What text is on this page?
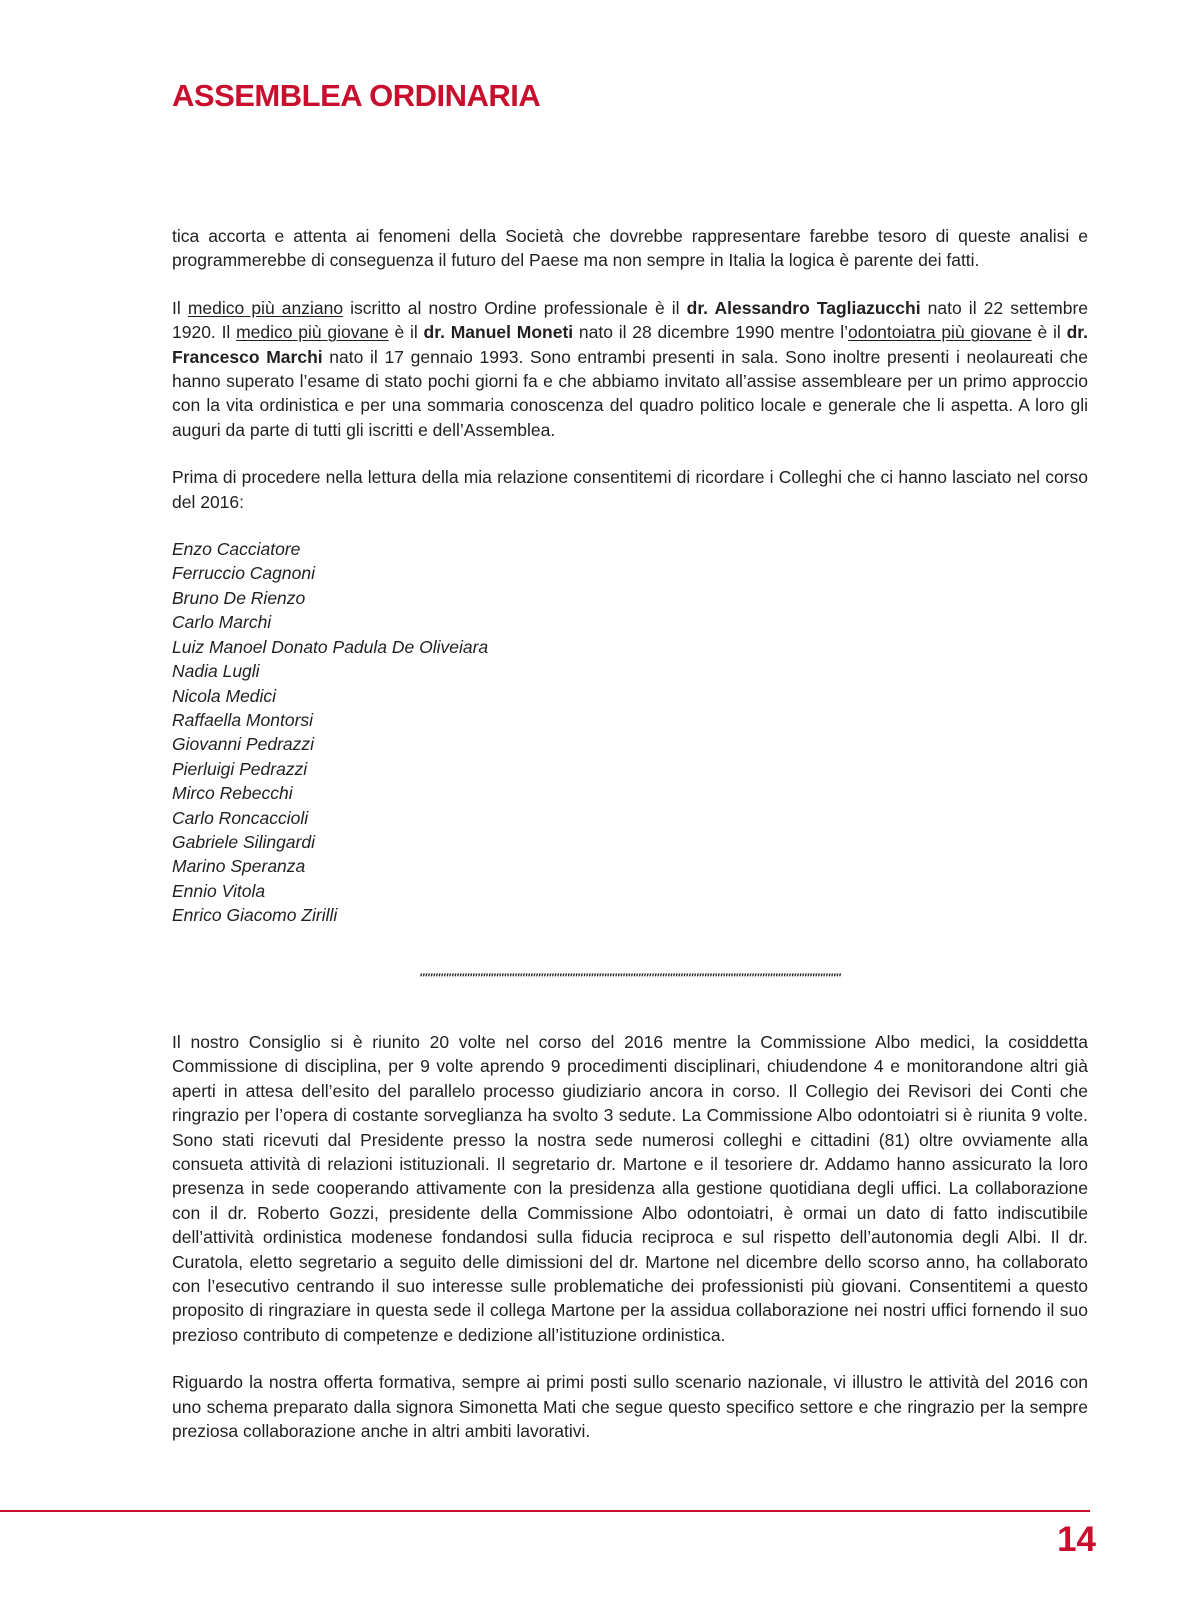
ASSEMBLEA ORDINARIA

tica accorta e attenta ai fenomeni della Società che dovrebbe rappresentare farebbe tesoro di queste analisi e programmerebbe di conseguenza il futuro del Paese ma non sempre in Italia la logica è parente dei fatti.

Il medico più anziano iscritto al nostro Ordine professionale è il dr. Alessandro Tagliazucchi nato il 22 settembre 1920. Il medico più giovane è il dr. Manuel Moneti nato il 28 dicembre 1990 mentre l’odontoiatra più giovane è il dr. Francesco Marchi nato il 17 gennaio 1993. Sono entrambi presenti in sala. Sono inoltre presenti i neolaureati che hanno superato l’esame di stato pochi giorni fa e che abbiamo invitato all’assise assembleare per un primo approccio con la vita ordinistica e per una sommaria conoscenza del quadro politico locale e generale che li aspetta. A loro gli auguri da parte di tutti gli iscritti e dell’Assemblea.

Prima di procedere nella lettura della mia relazione consentitemi di ricordare i Colleghi che ci hanno lasciato nel corso del 2016:

Enzo Cacciatore
Ferruccio Cagnoni
Bruno De Rienzo
Carlo Marchi
Luiz Manoel Donato Padula De Oliveiara
Nadia Lugli
Nicola Medici
Raffaella Montorsi
Giovanni Pedrazzi
Pierluigi Pedrazzi
Mirco Rebecchi
Carlo Roncaccioli
Gabriele Silingardi
Marino Speranza
Ennio Vitola
Enrico Giacomo Zirilli
″″″″″″″″″″″″″″″″″″″″″″″″″″″″″″″″″″″″″″″″″″″″″″″″″″″″″″″″″″″″″″″″″″″″″″″″″″″″″″″″

Il nostro Consiglio si è riunito 20 volte nel corso del 2016 mentre la Commissione Albo medici, la cosiddetta Commissione di disciplina, per 9 volte aprendo 9 procedimenti disciplinari, chiudendone 4 e monitorandone altri già aperti in attesa dell’esito del parallelo processo giudiziario ancora in corso. Il Collegio dei Revisori dei Conti che ringrazio per l’opera di costante sorveglianza ha svolto 3 sedute. La Commissione Albo odontoiatri si è riunita 9 volte. Sono stati ricevuti dal Presidente presso la nostra sede numerosi colleghi e cittadini (81) oltre ovviamente alla consueta attività di relazioni istituzionali. Il segretario dr. Martone e il tesoriere dr. Addamo hanno assicurato la loro presenza in sede cooperando attivamente con la presidenza alla gestione quotidiana degli uffici. La collaborazione con il dr. Roberto Gozzi, presidente della Commissione Albo odontoiatri, è ormai un dato di fatto indiscutibile dell’attività ordinistica modenese fondandosi sulla fiducia reciproca e sul rispetto dell’autonomia degli Albi. Il dr. Curatola, eletto segretario a seguito delle dimissioni del dr. Martone nel dicembre dello scorso anno, ha collaborato con l’esecutivo centrando il suo interesse sulle problematiche dei professionisti più giovani. Consentitemi a questo proposito di ringraziare in questa sede il collega Martone per la assidua collaborazione nei nostri uffici fornendo il suo prezioso contributo di competenze e dedizione all’istituzione ordinistica.

Riguardo la nostra offerta formativa, sempre ai primi posti sullo scenario nazionale, vi illustro le attività del 2016 con uno schema preparato dalla signora Simonetta Mati che segue questo specifico settore e che ringrazio per la sempre preziosa collaborazione anche in altri ambiti lavorativi.

14
